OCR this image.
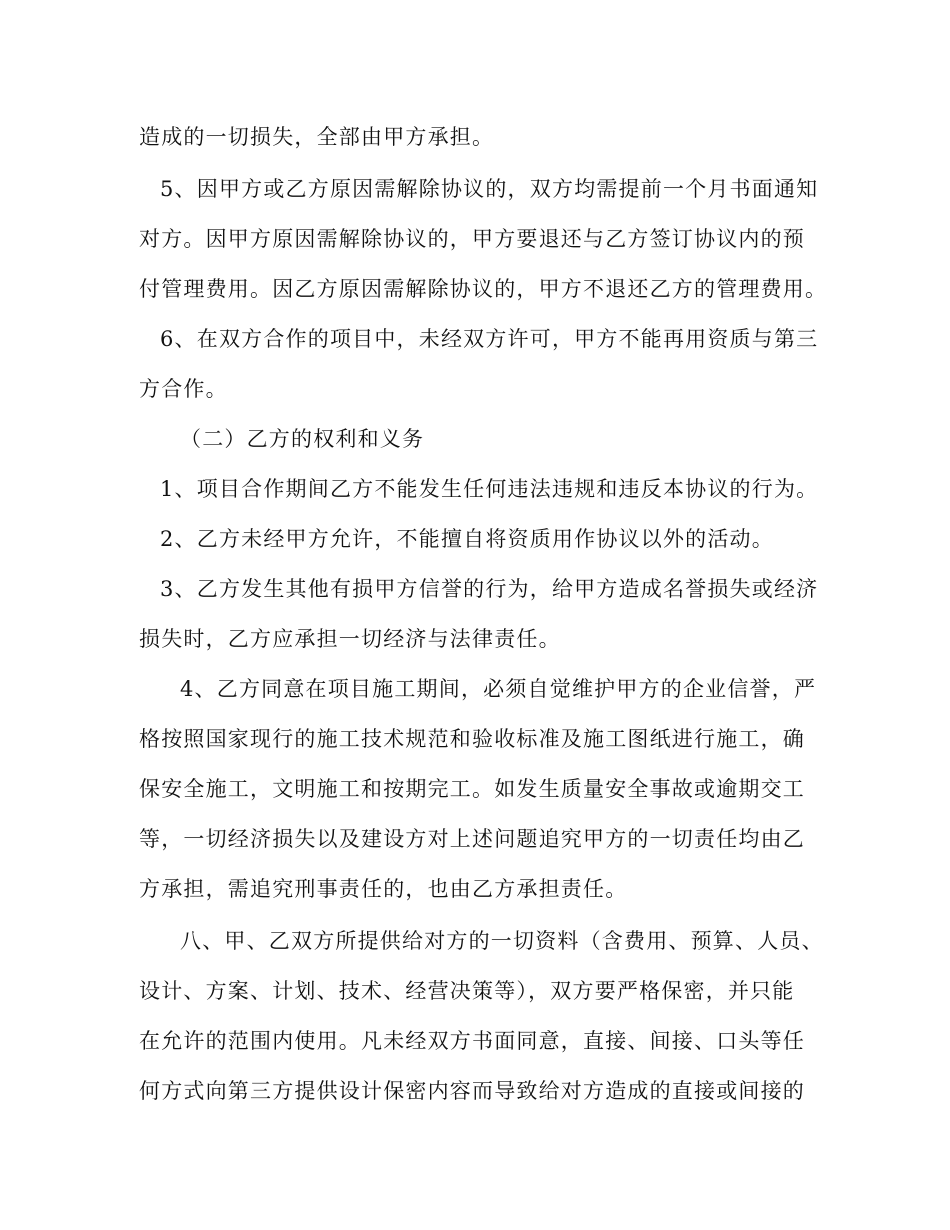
造成的一切损失，全部由甲方承担。

5、因甲方或乙方原因需解除协议的，双方均需提前一个月书面通知

对方。因甲方原因需解除协议的，甲方要退还与乙方签订协议内的预

付管理费用。因乙方原因需解除协议的，甲方不退还乙方的管理费用。

6、在双方合作的项目中，未经双方许可，甲方不能再用资质与第三

方合作。

（二）乙方的权利和义务

1、项目合作期间乙方不能发生任何违法违规和违反本协议的行为。

2、乙方未经甲方允许，不能擅自将资质用作协议以外的活动。

3、乙方发生其他有损甲方信誉的行为，给甲方造成名誉损失或经济

损失时，乙方应承担一切经济与法律责任。

4、乙方同意在项目施工期间，必须自觉维护甲方的企业信誉，严

格按照国家现行的施工技术规范和验收标准及施工图纸进行施工，确

保安全施工，文明施工和按期完工。如发生质量安全事故或逾期交工

等，一切经济损失以及建设方对上述问题追究甲方的一切责任均由乙

方承担，需追究刑事责任的，也由乙方承担责任。

八、甲、乙双方所提供给对方的一切资料（含费用、预算、人员、

设计、方案、计划、技术、经营决策等），双方要严格保密，并只能

在允许的范围内使用。凡未经双方书面同意，直接、间接、口头等任

何方式向第三方提供设计保密内容而导致给对方造成的直接或间接的
